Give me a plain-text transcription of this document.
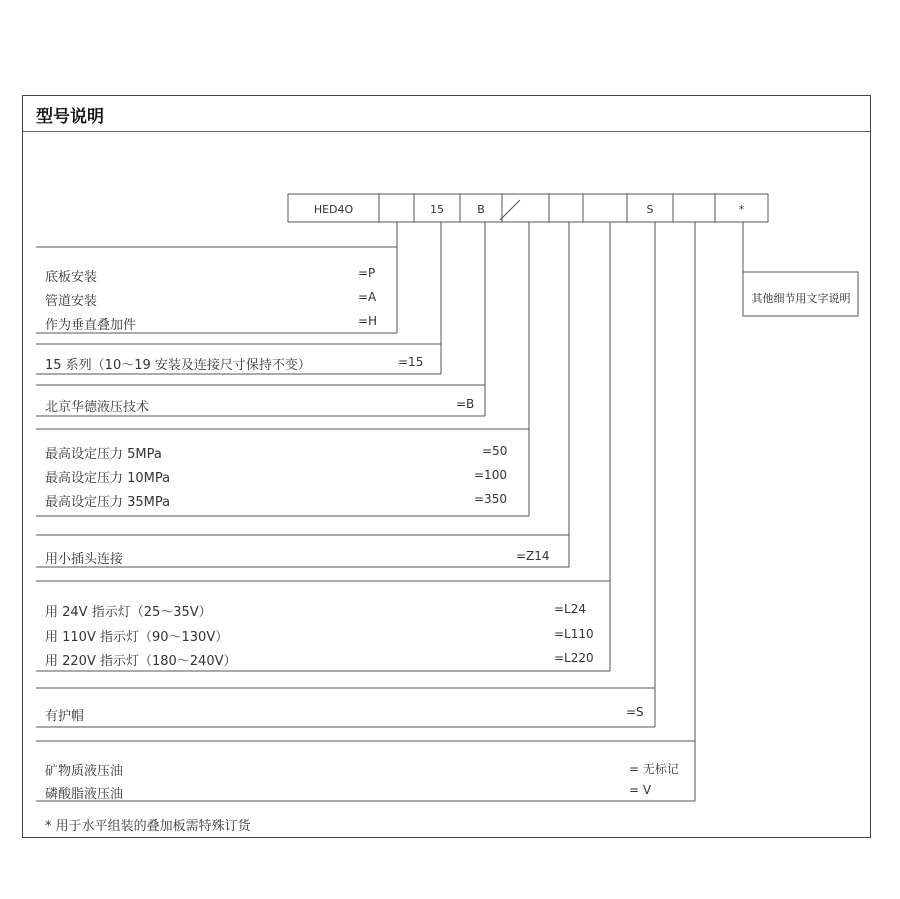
型号说明
HED4O	15	B	S	*
底板安装	=P
管道安装	=A
作为垂直叠加件	=H
15 系列（10～19 安装及连接尺寸保持不变）	=15
北京华德液压技术	=B
最高设定压力 5MPa	=50
最高设定压力 10MPa	=100
最高设定压力 35MPa	=350
用小插头连接	=Z14
用 24V 指示灯（25～35V）	=L24
用 110V 指示灯（90～130V）	=L110
用 220V 指示灯（180～240V）	=L220
有护帽	=S
矿物质液压油	= 无标记
磷酸脂液压油	= V
其他细节用文字说明
* 用于水平组装的叠加板需特殊订货
